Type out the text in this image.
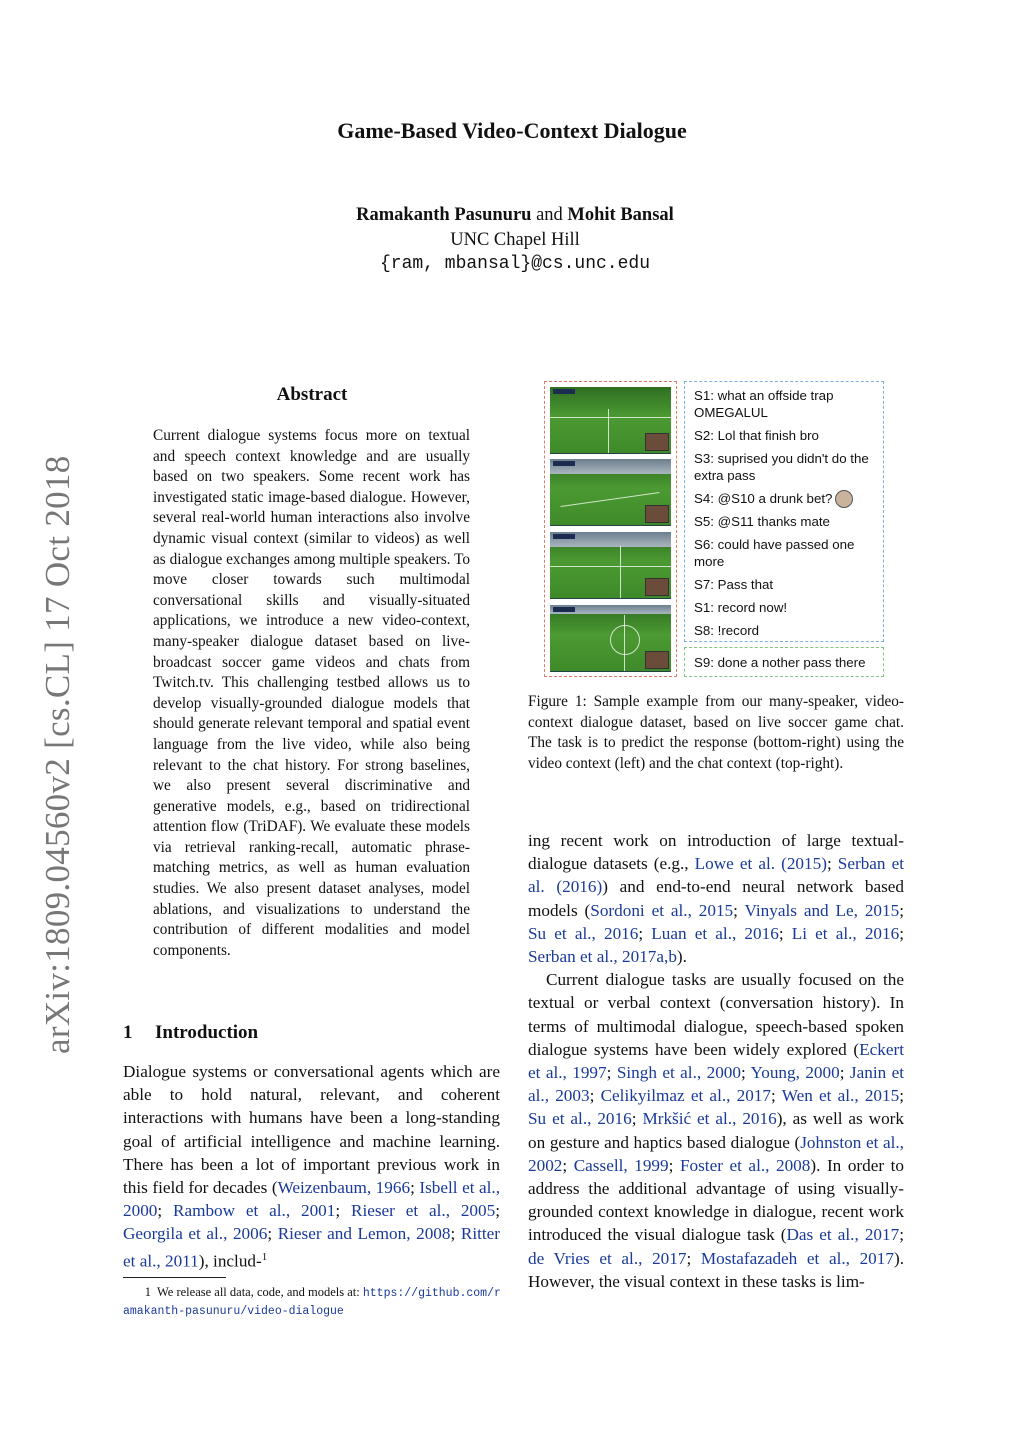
Game-Based Video-Context Dialogue
Ramakanth Pasunuru and Mohit Bansal
UNC Chapel Hill
{ram, mbansal}@cs.unc.edu
arXiv:1809.04560v2 [cs.CL] 17 Oct 2018
Abstract
Current dialogue systems focus more on textual and speech context knowledge and are usually based on two speakers. Some recent work has investigated static image-based dialogue. However, several real-world human interactions also involve dynamic visual context (similar to videos) as well as dialogue exchanges among multiple speakers. To move closer towards such multimodal conversational skills and visually-situated applications, we introduce a new video-context, many-speaker dialogue dataset based on live-broadcast soccer game videos and chats from Twitch.tv. This challenging testbed allows us to develop visually-grounded dialogue models that should generate relevant temporal and spatial event language from the live video, while also being relevant to the chat history. For strong baselines, we also present several discriminative and generative models, e.g., based on tridirectional attention flow (TriDAF). We evaluate these models via retrieval ranking-recall, automatic phrase-matching metrics, as well as human evaluation studies. We also present dataset analyses, model ablations, and visualizations to understand the contribution of different modalities and model components.
1 Introduction
Dialogue systems or conversational agents which are able to hold natural, relevant, and coherent interactions with humans have been a long-standing goal of artificial intelligence and machine learning. There has been a lot of important previous work in this field for decades (Weizenbaum, 1966; Isbell et al., 2000; Rambow et al., 2001; Rieser et al., 2005; Georgila et al., 2006; Rieser and Lemon, 2008; Ritter et al., 2011), includ-$^1$
1 We release all data, code, and models at: https://github.com/ramakanth-pasunuru/video-dialogue
S1: what an offside trap OMEGALUL
S2: Lol that finish bro
S3: suprised you didn't do the extra pass
S4: @S10 a drunk bet?
S5: @S11 thanks mate
S6: could have passed one more
S7: Pass that
S1: record now!
S8: !record
S9: done a nother pass there
Figure 1: Sample example from our many-speaker, video-context dialogue dataset, based on live soccer game chat. The task is to predict the response (bottom-right) using the video context (left) and the chat context (top-right).

ing recent work on introduction of large textual-dialogue datasets (e.g., Lowe et al. (2015); Serban et al. (2016)) and end-to-end neural network based models (Sordoni et al., 2015; Vinyals and Le, 2015; Su et al., 2016; Luan et al., 2016; Li et al., 2016; Serban et al., 2017a,b).

Current dialogue tasks are usually focused on the textual or verbal context (conversation history). In terms of multimodal dialogue, speech-based spoken dialogue systems have been widely explored (Eckert et al., 1997; Singh et al., 2000; Young, 2000; Janin et al., 2003; Celikyilmaz et al., 2017; Wen et al., 2015; Su et al., 2016; Mrkšić et al., 2016), as well as work on gesture and haptics based dialogue (Johnston et al., 2002; Cassell, 1999; Foster et al., 2008). In order to address the additional advantage of using visually-grounded context knowledge in dialogue, recent work introduced the visual dialogue task (Das et al., 2017; de Vries et al., 2017; Mostafazadeh et al., 2017). However, the visual context in these tasks is lim-
